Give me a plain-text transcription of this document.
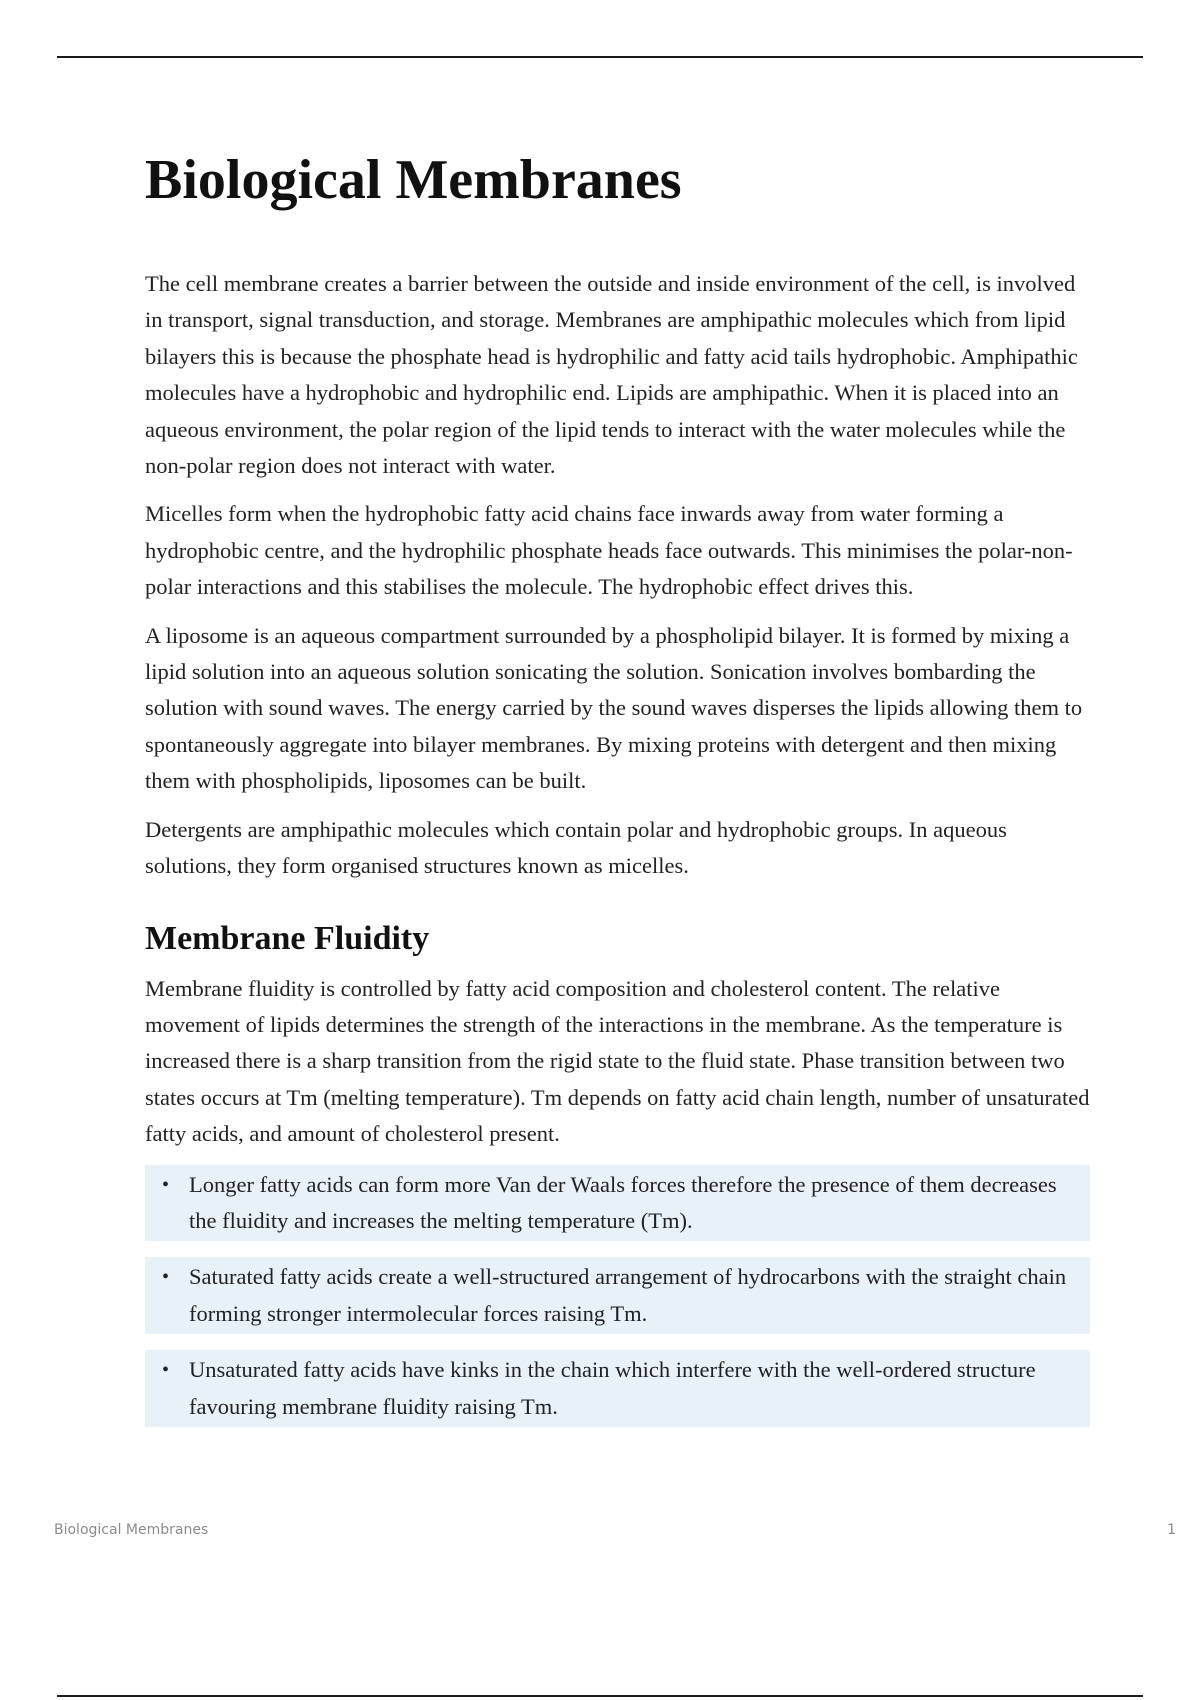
Biological Membranes

The cell membrane creates a barrier between the outside and inside environment of the cell, is involved in transport, signal transduction, and storage. Membranes are amphipathic molecules which from lipid bilayers this is because the phosphate head is hydrophilic and fatty acid tails hydrophobic. Amphipathic molecules have a hydrophobic and hydrophilic end. Lipids are amphipathic. When it is placed into an aqueous environment, the polar region of the lipid tends to interact with the water molecules while the non-polar region does not interact with water.

Micelles form when the hydrophobic fatty acid chains face inwards away from water forming a hydrophobic centre, and the hydrophilic phosphate heads face outwards. This minimises the polar-non-polar interactions and this stabilises the molecule. The hydrophobic effect drives this.

A liposome is an aqueous compartment surrounded by a phospholipid bilayer. It is formed by mixing a lipid solution into an aqueous solution sonicating the solution. Sonication involves bombarding the solution with sound waves. The energy carried by the sound waves disperses the lipids allowing them to spontaneously aggregate into bilayer membranes. By mixing proteins with detergent and then mixing them with phospholipids, liposomes can be built.

Detergents are amphipathic molecules which contain polar and hydrophobic groups. In aqueous solutions, they form organised structures known as micelles.

Membrane Fluidity

Membrane fluidity is controlled by fatty acid composition and cholesterol content. The relative movement of lipids determines the strength of the interactions in the membrane. As the temperature is increased there is a sharp transition from the rigid state to the fluid state. Phase transition between two states occurs at Tm (melting temperature). Tm depends on fatty acid chain length, number of unsaturated fatty acids, and amount of cholesterol present.

• Longer fatty acids can form more Van der Waals forces therefore the presence of them decreases the fluidity and increases the melting temperature (Tm).
• Saturated fatty acids create a well-structured arrangement of hydrocarbons with the straight chain forming stronger intermolecular forces raising Tm.
• Unsaturated fatty acids have kinks in the chain which interfere with the well-ordered structure favouring membrane fluidity raising Tm.
Biological Membranes	1
